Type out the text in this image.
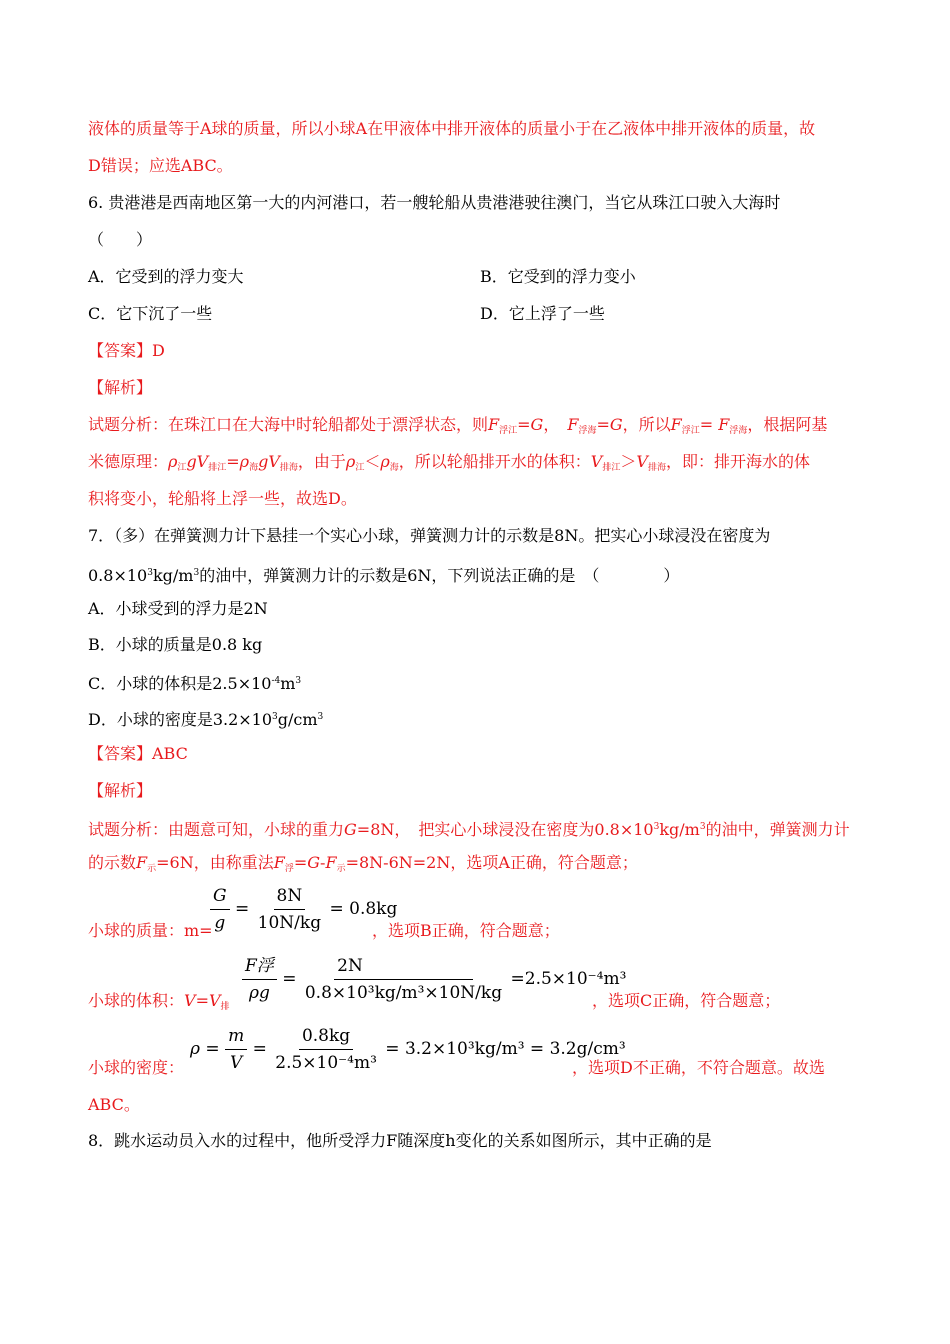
液体的质量等于A球的质量，所以小球A在甲液体中排开液体的质量小于在乙液体中排开液体的质量，故
D错误；应选ABC。
6. 贵港港是西南地区第一大的内河港口，若一艘轮船从贵港港驶往澳门，当它从珠江口驶入大海时
（　　）
A．它受到的浮力变大	B．它受到的浮力变小
C．它下沉了一些	D．它上浮了一些
【答案】D
【解析】
试题分析：在珠江口在大海中时轮船都处于漂浮状态，则$F_{浮江}=G$，　$F_{浮海}=G$，所以$F_{浮江}= F_{浮海}$，根据阿基
米德原理：$\rho_江gV_{排江}=\rho_海gV_{排海}$，由于$\rho_江<\rho_海$，所以轮船排开水的体积：$V_{排江}>V_{排海}$，即：排开海水的体
积将变小，轮船将上浮一些，故选D。
7．（多）在弹簧测力计下悬挂一个实心小球，弹簧测力计的示数是8N。把实心小球浸没在密度为
$0.8\times 10^3kg/m^3$的油中，弹簧测力计的示数是6N，下列说法正确的是　（　　　　）
A．小球受到的浮力是2N
B．小球的质量是0.8 kg
C．小球的体积是$2.5\times 10^{-4}m^3$
D．小球的密度是$3.2\times 10^3g/cm^3$
【答案】ABC
【解析】
试题分析：由题意可知，小球的重力G=8N，　把实心小球浸没在密度为$0.8\times 10^3kg/m^3$的油中，弹簧测力计
的示数$F_示=6N$，由称重法$F_浮=G-F_示=8N-6N=2N$，选项A正确，符合题意；
小球的质量：m=
$\frac{G}{g} = \frac{8N}{10N/kg} = 0.8kg$
，选项B正确，符合题意；
小球的体积：$V=V_排$
$\frac{\text{F浮}}{\rho g} = \frac{2N}{\text{0.8×10³kg/m³×10N/kg}} =2.5\times 10^{-4}m^3$
，选项C正确，符合题意；
小球的密度：
$\rho = \frac{m}{V} = \frac{0.8kg}{\text{2.5×10⁻⁴m³}} = 3.2\times 10^3kg/m^3 = 3.2g/cm^3$
，选项D不正确，不符合题意。故选
ABC。
8．跳水运动员入水的过程中，他所受浮力F随深度h变化的关系如图所示，其中正确的是
